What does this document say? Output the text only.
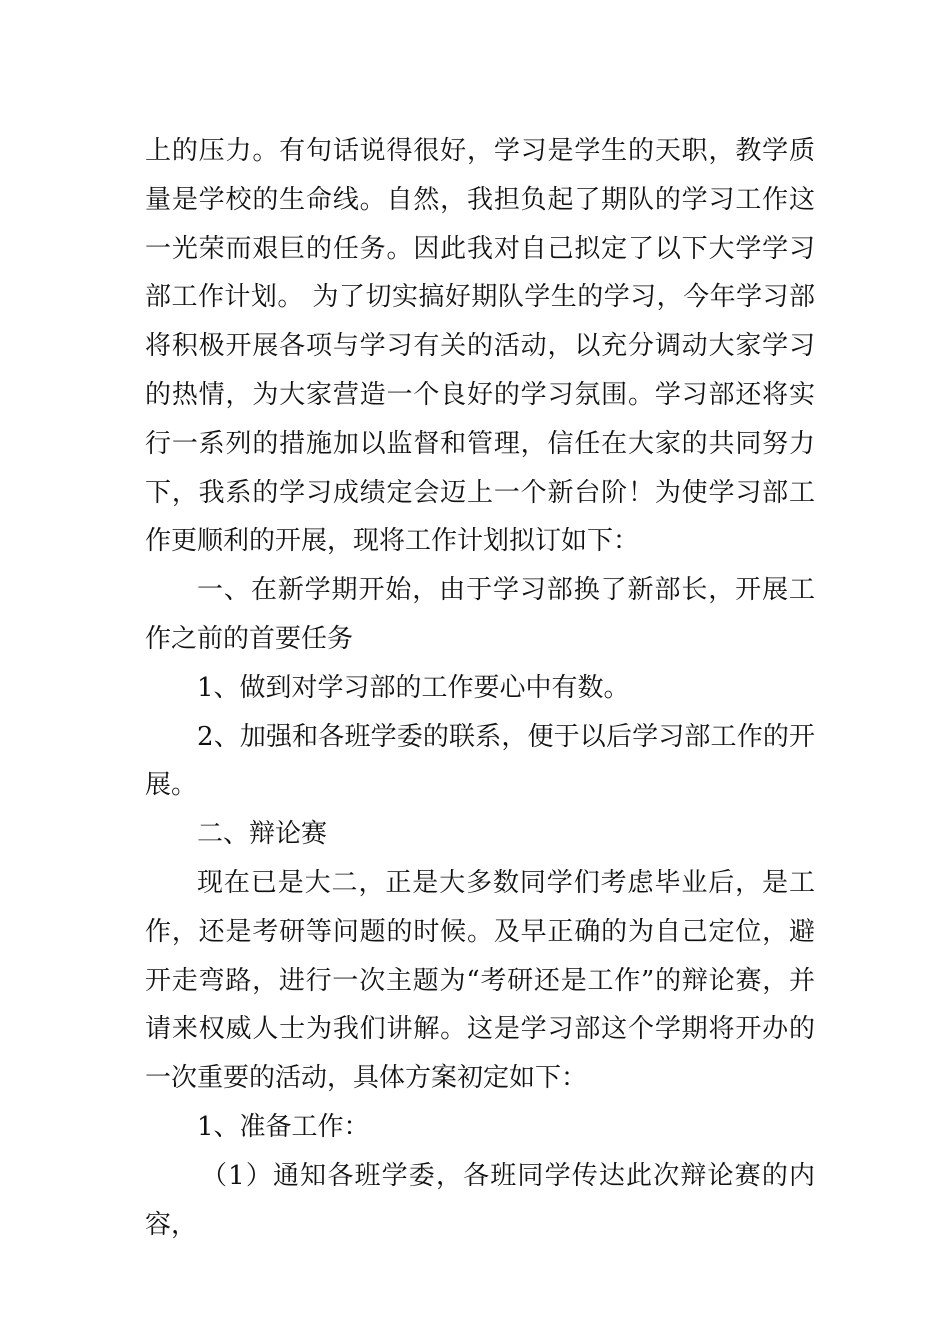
上的压力。有句话说得很好，学习是学生的天职，教学质量是学校的生命线。自然，我担负起了期队的学习工作这一光荣而艰巨的任务。因此我对自己拟定了以下大学学习部工作计划。 为了切实搞好期队学生的学习，今年学习部将积极开展各项与学习有关的活动，以充分调动大家学习的热情，为大家营造一个良好的学习氛围。学习部还将实行一系列的措施加以监督和管理，信任在大家的共同努力下，我系的学习成绩定会迈上一个新台阶！为使学习部工作更顺利的开展，现将工作计划拟订如下：

一、在新学期开始，由于学习部换了新部长，开展工作之前的首要任务

1、做到对学习部的工作要心中有数。

2、加强和各班学委的联系，便于以后学习部工作的开展。

二、辩论赛

现在已是大二，正是大多数同学们考虑毕业后，是工作，还是考研等问题的时候。及早正确的为自己定位，避开走弯路，进行一次主题为“考研还是工作”的辩论赛，并请来权威人士为我们讲解。这是学习部这个学期将开办的一次重要的活动，具体方案初定如下：

1、准备工作：

（1）通知各班学委，各班同学传达此次辩论赛的内容，
